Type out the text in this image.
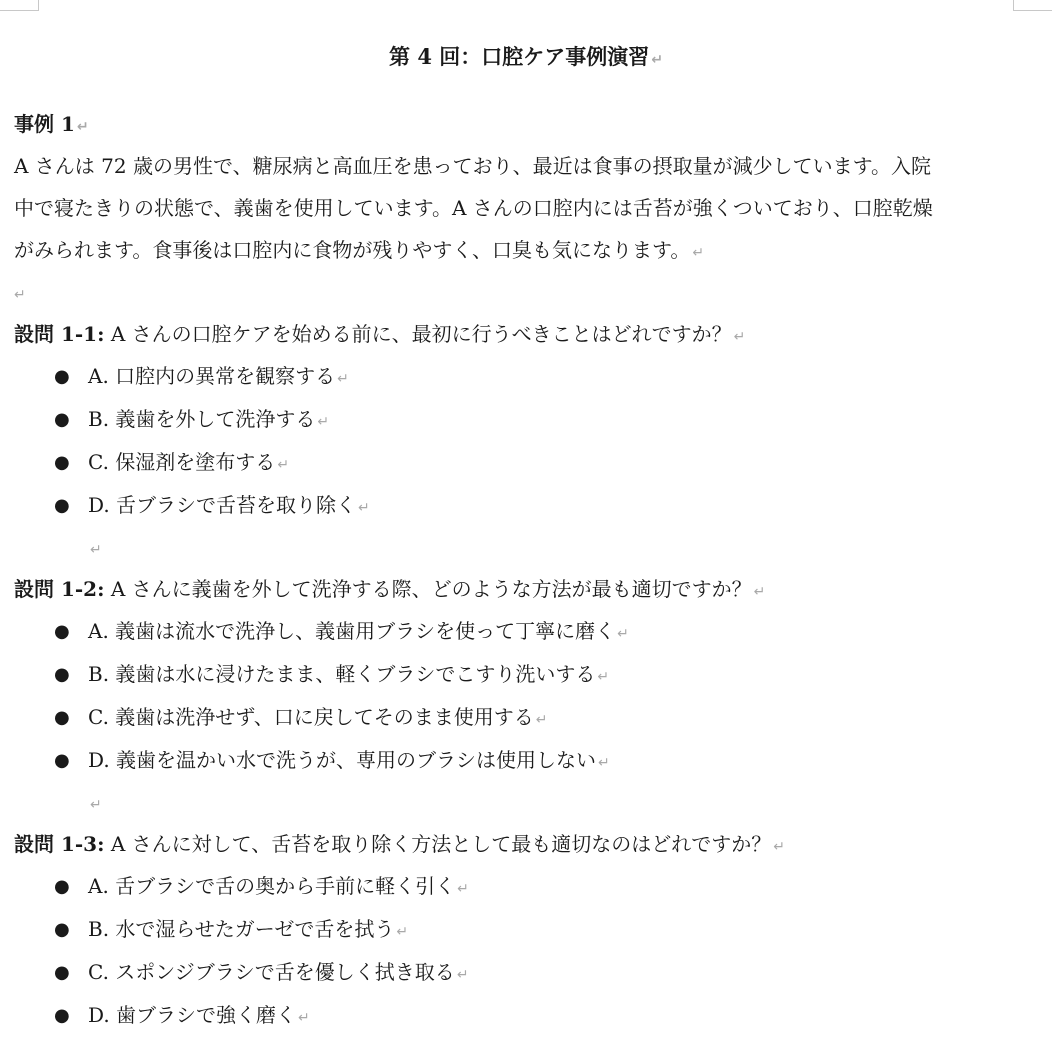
第 4 回：口腔ケア事例演習 ↵
事例 1 ↵
A さんは 72 歳の男性で、糖尿病と高血圧を患っており、最近は食事の摂取量が減少しています。入院
中で寝たきりの状態で、義歯を使用しています。A さんの口腔内には舌苔が強くついており、口腔乾燥
がみられます。食事後は口腔内に食物が残りやすく、口臭も気になります。 ↵
↵
設問 1-1: A さんの口腔ケアを始める前に、最初に行うべきことはどれですか？ ↵
● A. 口腔内の異常を観察する ↵
● B. 義歯を外して洗浄する ↵
● C. 保湿剤を塗布する ↵
● D. 舌ブラシで舌苔を取り除く ↵
↵
設問 1-2: A さんに義歯を外して洗浄する際、どのような方法が最も適切ですか？ ↵
● A. 義歯は流水で洗浄し、義歯用ブラシを使って丁寧に磨く ↵
● B. 義歯は水に浸けたまま、軽くブラシでこすり洗いする ↵
● C. 義歯は洗浄せず、口に戻してそのまま使用する ↵
● D. 義歯を温かい水で洗うが、専用のブラシは使用しない ↵
↵
設問 1-3: A さんに対して、舌苔を取り除く方法として最も適切なのはどれですか？ ↵
● A. 舌ブラシで舌の奥から手前に軽く引く ↵
● B. 水で湿らせたガーゼで舌を拭う ↵
● C. スポンジブラシで舌を優しく拭き取る ↵
● D. 歯ブラシで強く磨く ↵
